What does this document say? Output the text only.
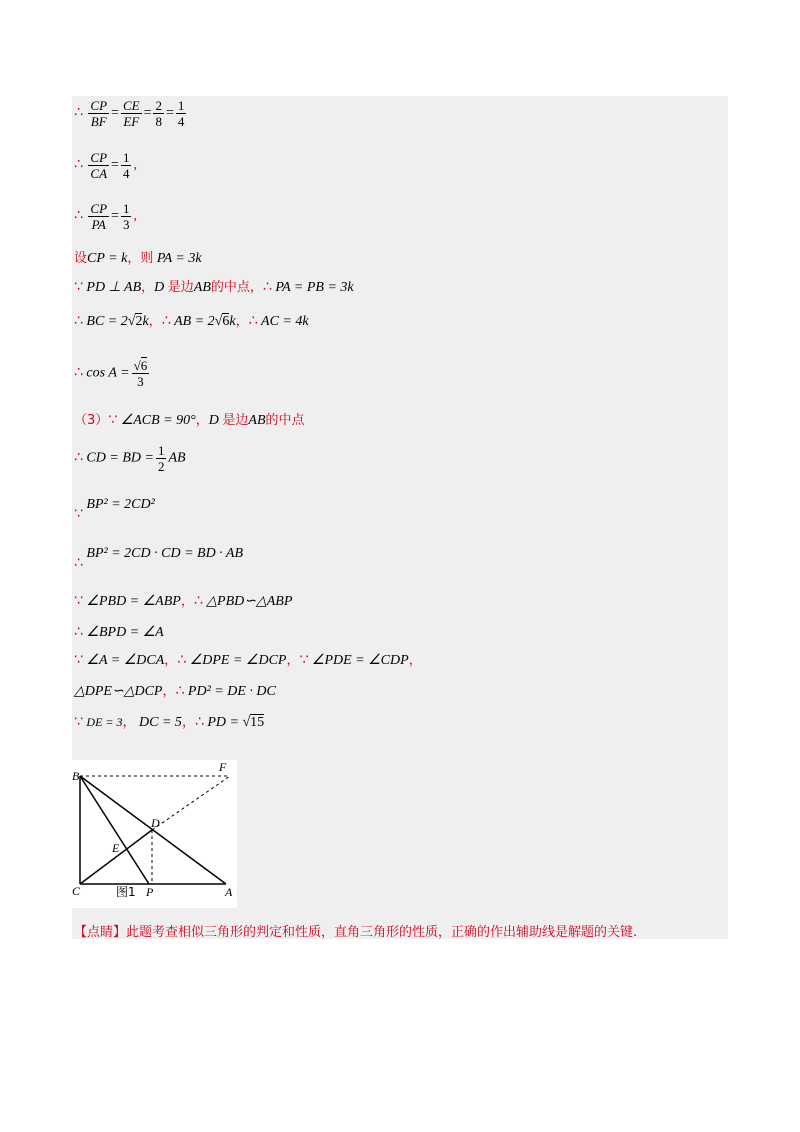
∴ $\frac{CP}{BF} = \frac{CE}{EF} = \frac{2}{8} = \frac{1}{4}$
∴ $\frac{CP}{CA} = \frac{1}{4}$ ,
∴ $\frac{CP}{PA} = \frac{1}{3}$ ,
设CP = k，则 PA = 3k
∵ PD ⊥ AB，D 是边AB的中点，∴ PA = PB = 3k
∴ BC = 2√2k，∴ AB = 2√6k，∴ AC = 4k
∴ $\cos A = \frac{√6}{3}$
（3）∵ ∠ACB = 90°，D 是边AB的中点
∴ CD = BD = $\frac{1}{2}$ AB
∵ BP² = 2CD²
∴ BP² = 2CD · CD = BD · AB
∵ ∠PBD = ∠ABP，∴ △PBD∽△ABP
∴ ∠BPD = ∠A
∵ ∠A = ∠DCA，∴ ∠DPE = ∠DCP，∵ ∠PDE = ∠CDP，
△DPE∽△DCP，∴ PD² = DE · DC
∵ DE = 3， DC = 5，∴ PD = √15
B
F
D
E
C	P	A
图1
【点睛】此题考查相似三角形的判定和性质，直角三角形的性质，正确的作出辅助线是解题的关键.
